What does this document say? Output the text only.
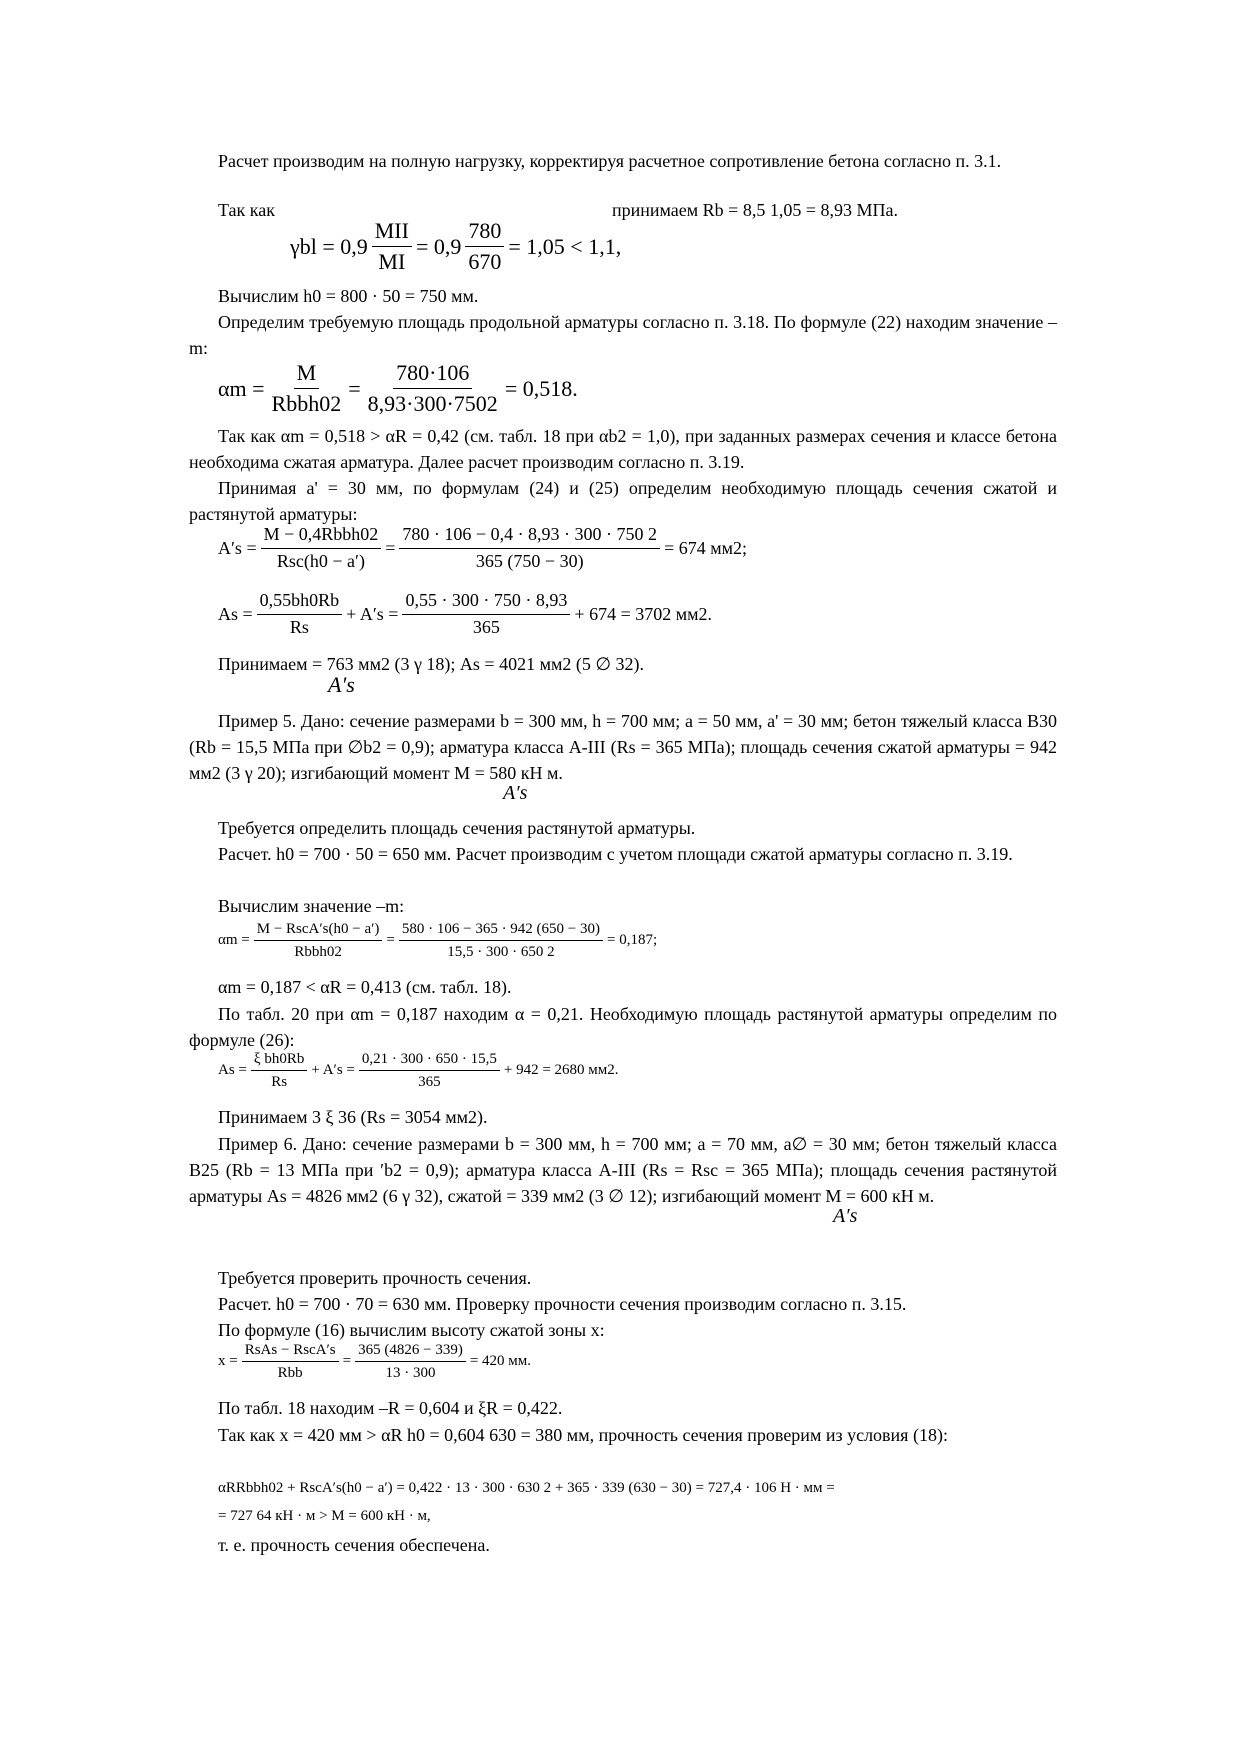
Расчет производим на полную нагрузку, корректируя расчетное сопротивление бетона согласно п. 3.1.
Так как	принимаем Rb = 8,5 1,05 = 8,93 МПа.
$\gamma bl = 0,9 \frac{\text{MII}}{MI} = 0,9 \frac{780}{670} = 1,05 < 1,1$,
Вычислим h0 = 800 · 50 = 750 мм.
Определим требуемую площадь продольной арматуры согласно п. 3.18. По формуле (22) находим значение –m:
$\alpha m = \frac{M}{\text{Rbbh02}} = \frac{780\cdot 106}{8,93\cdot 300\cdot 7502} = 0,518$.
Так как αm = 0,518 > αR = 0,42 (см. табл. 18 при αb2 = 1,0), при заданных размерах сечения и классе бетона необходима сжатая арматура. Далее расчет производим согласно п. 3.19.
Принимая a' = 30 мм, по формулам (24) и (25) определим необходимую площадь сечения сжатой и растянутой арматуры:
$A's = \frac{\text{M − 0,4Rbbh02}}{\text{Rsc(h0 − a′)}} = \frac{780 \cdot 106 - 0,4 \cdot 8,93 \cdot 300 \cdot 750 2}{365 (750 - 30)} = 674$ мм2;
$As = \frac{0,55bh0Rb}{Rs} + A's = \frac{0,55 \cdot 300 \cdot 750 \cdot 8,93}{365} + 674 = 3702$ мм2.
Принимаем = 763 мм2 (3 γ 18); As = 4021 мм2 (5 ∅ 32).
A′s
Пример 5. Дано: сечение размерами b = 300 мм, h = 700 мм; a = 50 мм, a' = 30 мм; бетон тяжелый класса В30 (Rb = 15,5 МПа при ∅b2 = 0,9); арматура класса А-III (Rs = 365 МПа); площадь сечения сжатой арматуры = 942 мм2 (3 γ 20); изгибающий момент M = 580 кН м.
A′s
Требуется определить площадь сечения растянутой арматуры.
Расчет. h0 = 700 · 50 = 650 мм. Расчет производим с учетом площади сжатой арматуры согласно п. 3.19.
Вычислим значение –m:
$\alpha m = \frac{\text{M − RscA′s(h0 − a′)}}{\text{Rbbh02}} = \frac{580 \cdot 106 - 365 \cdot 942 (650 - 30)}{15,5 \cdot 300 \cdot 650 2} = 0,187$;
αm = 0,187 < αR = 0,413 (см. табл. 18).
По табл. 20 при αm = 0,187 находим α = 0,21. Необходимую площадь растянутой арматуры определим по формуле (26):
$As = \frac{\text{ξ bh0Rb}}{Rs} + A's = \frac{0,21 \cdot 300 \cdot 650 \cdot 15,5}{365} + 942 = 2680$ мм2.
Принимаем 3 ξ 36 (Rs = 3054 мм2).
Пример 6. Дано: сечение размерами b = 300 мм, h = 700 мм; a = 70 мм, a∅ = 30 мм; бетон тяжелый класса В25 (Rb = 13 МПа при ′b2 = 0,9); арматура класса А-III (Rs = Rsc = 365 МПа); площадь сечения растянутой арматуры As = 4826 мм2 (6 γ 32), сжатой = 339 мм2 (3 ∅ 12); изгибающий момент M = 600 кН м.
A′s
Требуется проверить прочность сечения.
Расчет. h0 = 700 · 70 = 630 мм. Проверку прочности сечения производим согласно п. 3.15.
По формуле (16) вычислим высоту сжатой зоны x:
$x = \frac{\text{RsAs − RscA′s}}{\text{Rbb}} = \frac{365 (4826 - 339)}{13 \cdot 300} = 420$ мм.
По табл. 18 находим –R = 0,604 и ξR = 0,422.
Так как x = 420 мм > αR h0 = 0,604 630 = 380 мм, прочность сечения проверим из условия (18):
αRRbbh02 + RscA′s(h0 − a′) = 0,422 · 13 · 300 · 630 2 + 365 · 339 (630 − 30) = 727,4 · 106 Н · мм =
= 727 64 кН · м > M = 600 кН · м,
т. е. прочность сечения обеспечена.
